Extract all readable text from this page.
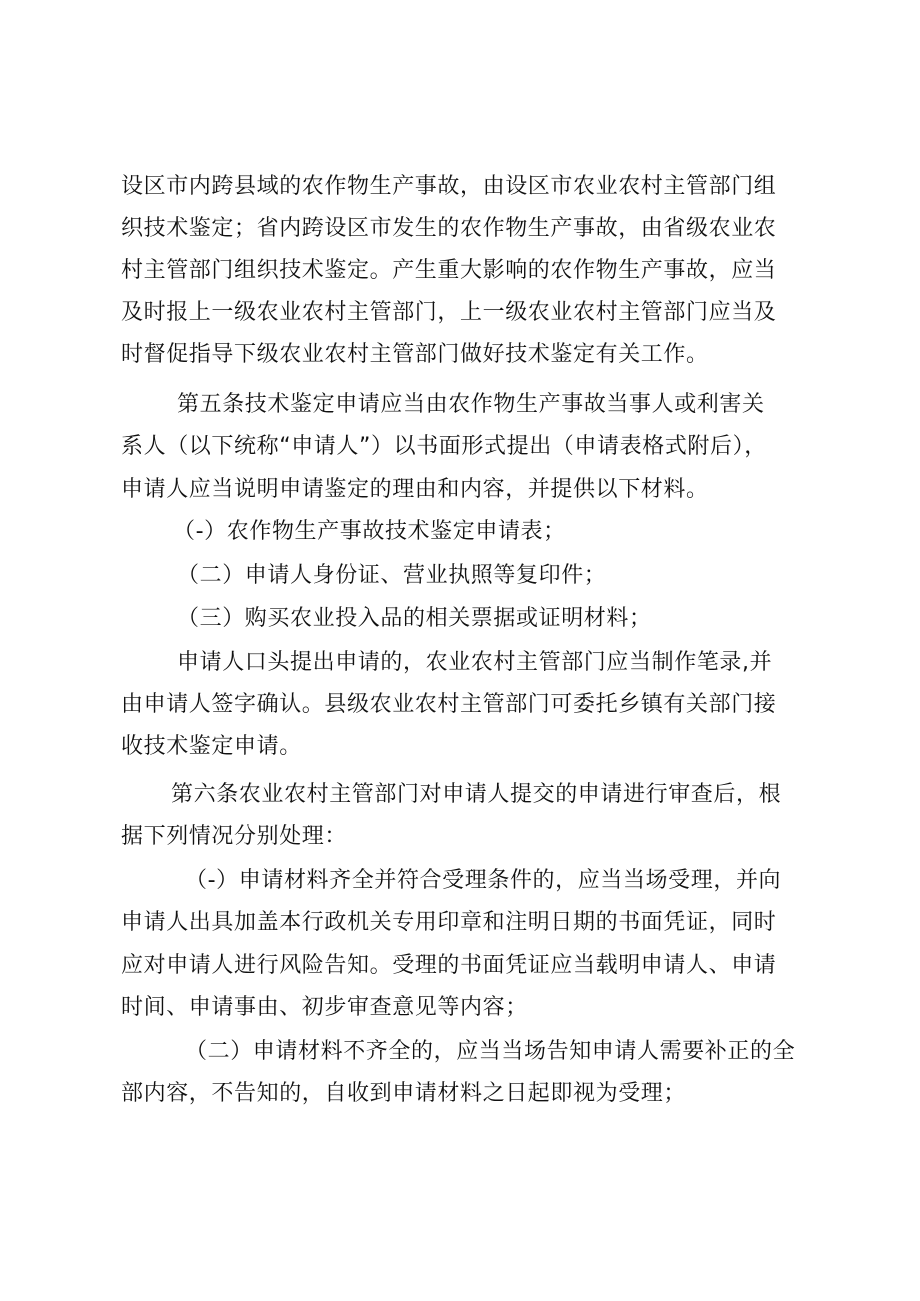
设区市内跨县域的农作物生产事故，由设区市农业农村主管部门组
织技术鉴定；省内跨设区市发生的农作物生产事故，由省级农业农
村主管部门组织技术鉴定。产生重大影响的农作物生产事故，应当
及时报上一级农业农村主管部门，上一级农业农村主管部门应当及
时督促指导下级农业农村主管部门做好技术鉴定有关工作。
第五条技术鉴定申请应当由农作物生产事故当事人或利害关
系人（以下统称“申请人”）以书面形式提出（申请表格式附后），
申请人应当说明申请鉴定的理由和内容，并提供以下材料。
（-）农作物生产事故技术鉴定申请表；
（二）申请人身份证、营业执照等复印件；
（三）购买农业投入品的相关票据或证明材料；
申请人口头提出申请的，农业农村主管部门应当制作笔录,并
由申请人签字确认。县级农业农村主管部门可委托乡镇有关部门接
收技术鉴定申请。
第六条农业农村主管部门对申请人提交的申请进行审查后，根
据下列情况分别处理：
（-）申请材料齐全并符合受理条件的，应当当场受理，并向
申请人出具加盖本行政机关专用印章和注明日期的书面凭证，同时
应对申请人进行风险告知。受理的书面凭证应当载明申请人、申请
时间、申请事由、初步审查意见等内容；
（二）申请材料不齐全的，应当当场告知申请人需要补正的全
部内容，不告知的，自收到申请材料之日起即视为受理；
